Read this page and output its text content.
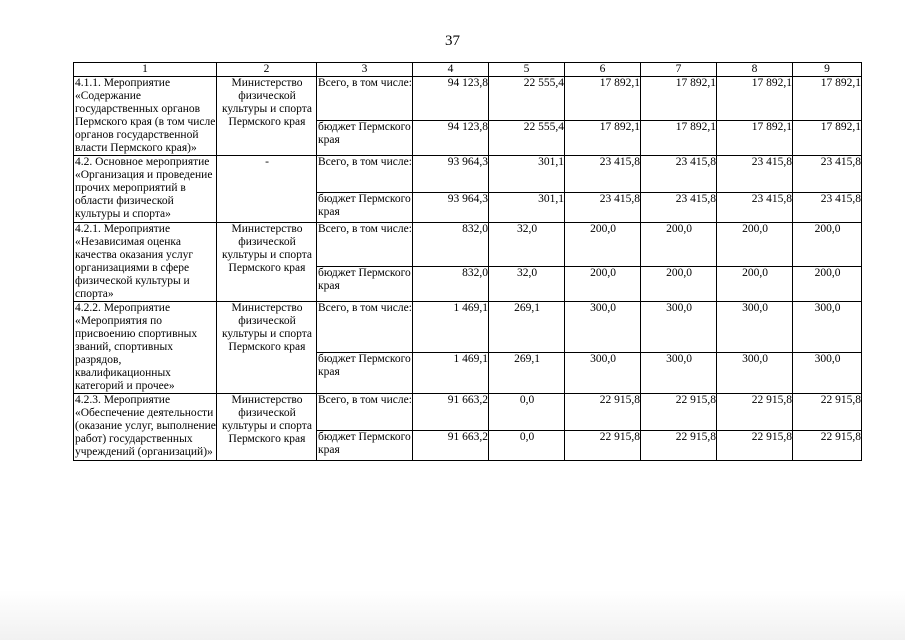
37
1	2	3	4	5	6	7	8	9
4.1.1. Мероприятие «Содержание государственных органов Пермского края (в том числе органов государственной власти Пермского края)»	Министерство физической культуры и спорта Пермского края	Всего, в том числе:	94 123,8	22 555,4	17 892,1	17 892,1	17 892,1	17 892,1
		бюджет Пермского края	94 123,8	22 555,4	17 892,1	17 892,1	17 892,1	17 892,1
4.2. Основное мероприятие «Организация и проведение прочих мероприятий в области физической культуры и спорта»	-	Всего, в том числе:	93 964,3	301,1	23 415,8	23 415,8	23 415,8	23 415,8
		бюджет Пермского края	93 964,3	301,1	23 415,8	23 415,8	23 415,8	23 415,8
4.2.1. Мероприятие «Независимая оценка качества оказания услуг организациями в сфере физической культуры и спорта»	Министерство физической культуры и спорта Пермского края	Всего, в том числе:	832,0	32,0	200,0	200,0	200,0	200,0
		бюджет Пермского края	832,0	32,0	200,0	200,0	200,0	200,0
4.2.2. Мероприятие «Мероприятия по присвоению спортивных званий, спортивных разрядов, квалификационных категорий и прочее»	Министерство физической культуры и спорта Пермского края	Всего, в том числе:	1 469,1	269,1	300,0	300,0	300,0	300,0
		бюджет Пермского края	1 469,1	269,1	300,0	300,0	300,0	300,0
4.2.3. Мероприятие «Обеспечение деятельности (оказание услуг, выполнение работ) государственных учреждений (организаций)»	Министерство физической культуры и спорта Пермского края	Всего, в том числе:	91 663,2	0,0	22 915,8	22 915,8	22 915,8	22 915,8
		бюджет Пермского края	91 663,2	0,0	22 915,8	22 915,8	22 915,8	22 915,8
